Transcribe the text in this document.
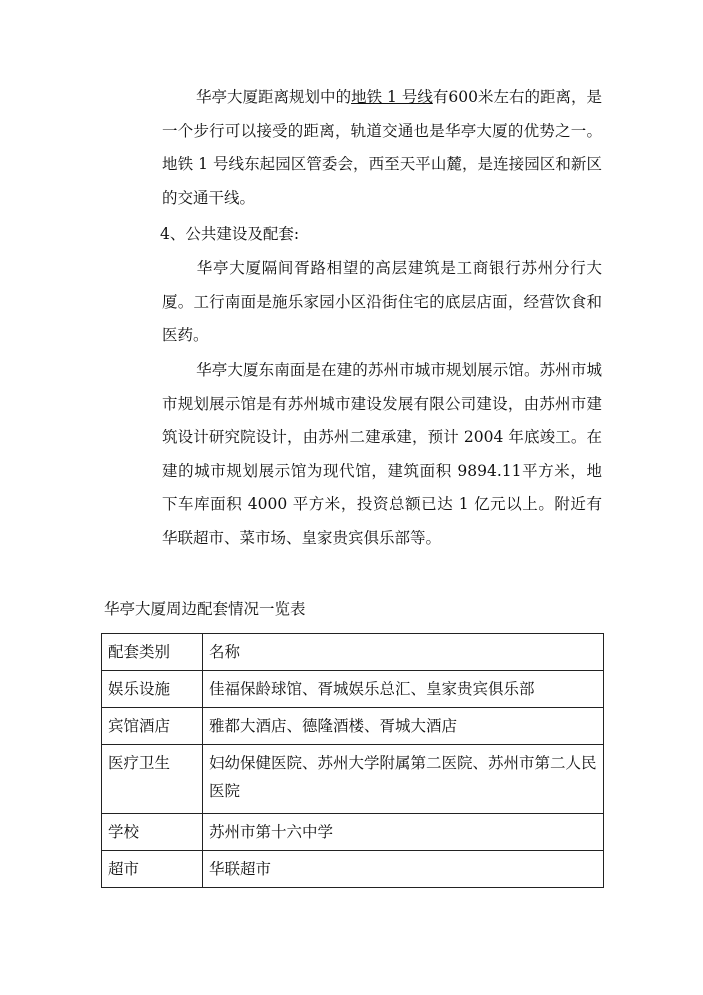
华亭大厦距离规划中的地铁 1 号线有600米左右的距离，是一个步行可以接受的距离，轨道交通也是华亭大厦的优势之一。地铁 1 号线东起园区管委会，西至天平山麓，是连接园区和新区的交通干线。

4、公共建设及配套:

华亭大厦隔间胥路相望的高层建筑是工商银行苏州分行大厦。工行南面是施乐家园小区沿街住宅的底层店面，经营饮食和医药。

华亭大厦东南面是在建的苏州市城市规划展示馆。苏州市城市规划展示馆是有苏州城市建设发展有限公司建设，由苏州市建筑设计研究院设计，由苏州二建承建，预计 2004 年底竣工。在建的城市规划展示馆为现代馆，建筑面积 9894.11平方米，地下车库面积 4000 平方米，投资总额已达 1 亿元以上。附近有华联超市、菜市场、皇家贵宾俱乐部等。

华亭大厦周边配套情况一览表

配套类别	名称
娱乐设施	佳福保龄球馆、胥城娱乐总汇、皇家贵宾俱乐部
宾馆酒店	雅都大酒店、德隆酒楼、胥城大酒店
医疗卫生	妇幼保健医院、苏州大学附属第二医院、苏州市第二人民医院
学校	苏州市第十六中学
超市	华联超市
